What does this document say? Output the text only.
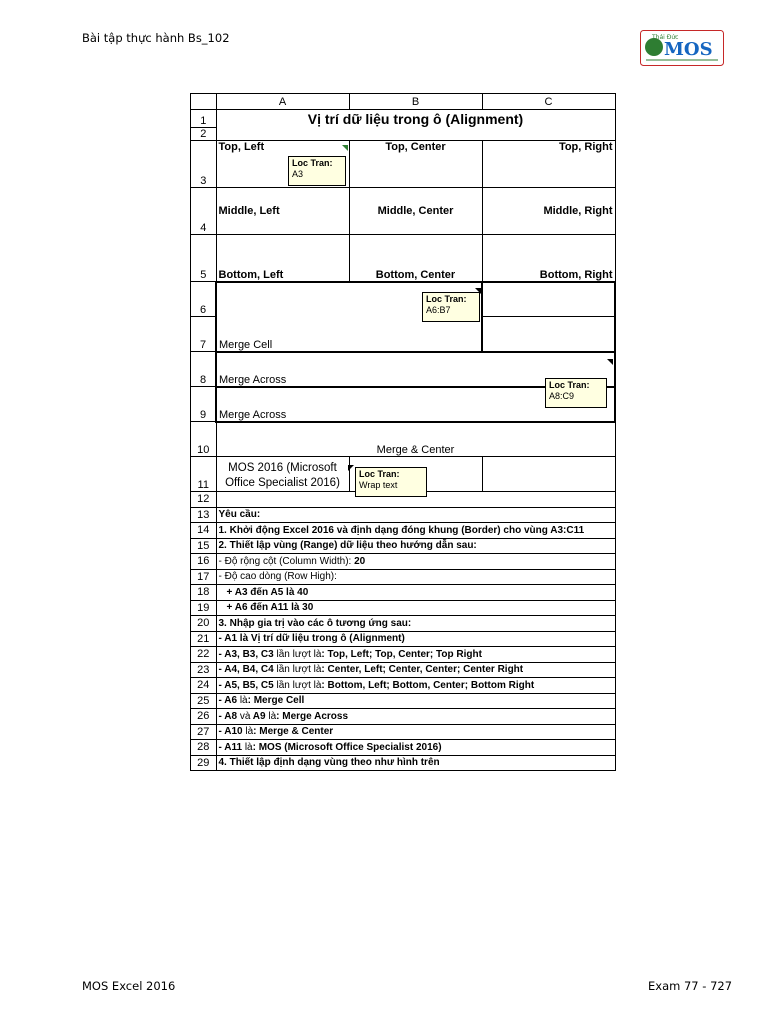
Bài tập thực hành Bs_102	Thái Đức
MOS
	A	B	C
1	Vị trí dữ liệu trong ô (Alignment)		
2			
3	Top, Left	Top, Center	Top, Right
4	Middle, Left	Middle, Center	Middle, Right
5	Bottom, Left	Bottom, Center	Bottom, Right
6	Merge Cell		
7			
8	Merge Across		
9	Merge Across		
10	Merge & Center		
11	MOS 2016 (Microsoft Office Specialist 2016)		
12			
13	Yêu cầu:		
14	1. Khởi động Excel 2016 và định dạng đóng khung (Border) cho vùng A3:C11		
15	2. Thiết lập vùng (Range) dữ liệu theo hướng dẫn sau:		
16	- Độ rộng cột (Column Width): 20		
17	- Độ cao dòng (Row High):		
18	+ A3 đến A5 là 40		
19	+ A6 đến A11 là 30		
20	3. Nhập gia trị vào các ô tương ứng sau:		
21	- A1 là Vị trí dữ liệu trong ô (Alignment)		
22	- A3, B3, C3 lần lượt là: Top, Left; Top, Center; Top Right		
23	- A4, B4, C4 lần lượt là: Center, Left; Center, Center; Center Right		
24	- A5, B5, C5 lần lượt là: Bottom, Left; Bottom, Center; Bottom Right		
25	- A6 là: Merge Cell		
26	- A8 và A9 là: Merge Across		
27	- A10 là: Merge & Center		
28	- A11 là: MOS (Microsoft Office Specialist 2016)		
29	4. Thiết lập định dạng vùng theo như hình trên		
Loc Tran:
A3
Loc Tran:
A6:B7
Loc Tran:
A8:C9
Loc Tran:
Wrap text
MOS Excel 2016	Exam 77 - 727
